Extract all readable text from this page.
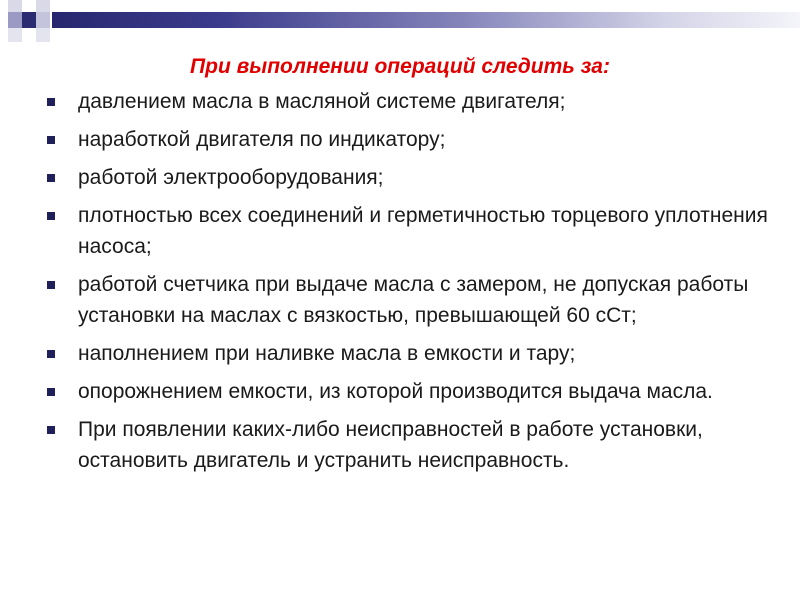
При выполнении операций следить за:
давлением масла в масляной системе двигателя;
наработкой двигателя по индикатору;
работой электрооборудования;
плотностью всех соединений и герметичностью торцевого уплотнения насоса;
работой счетчика при выдаче масла с замером, не допуская работы установки на маслах с вязкостью, превышающей 60 сСт;
наполнением при наливке масла в емкости и тару;
опорожнением емкости, из которой производится выдача масла.
При появлении каких-либо неисправностей в работе установки, остановить двигатель и устранить неисправность.
